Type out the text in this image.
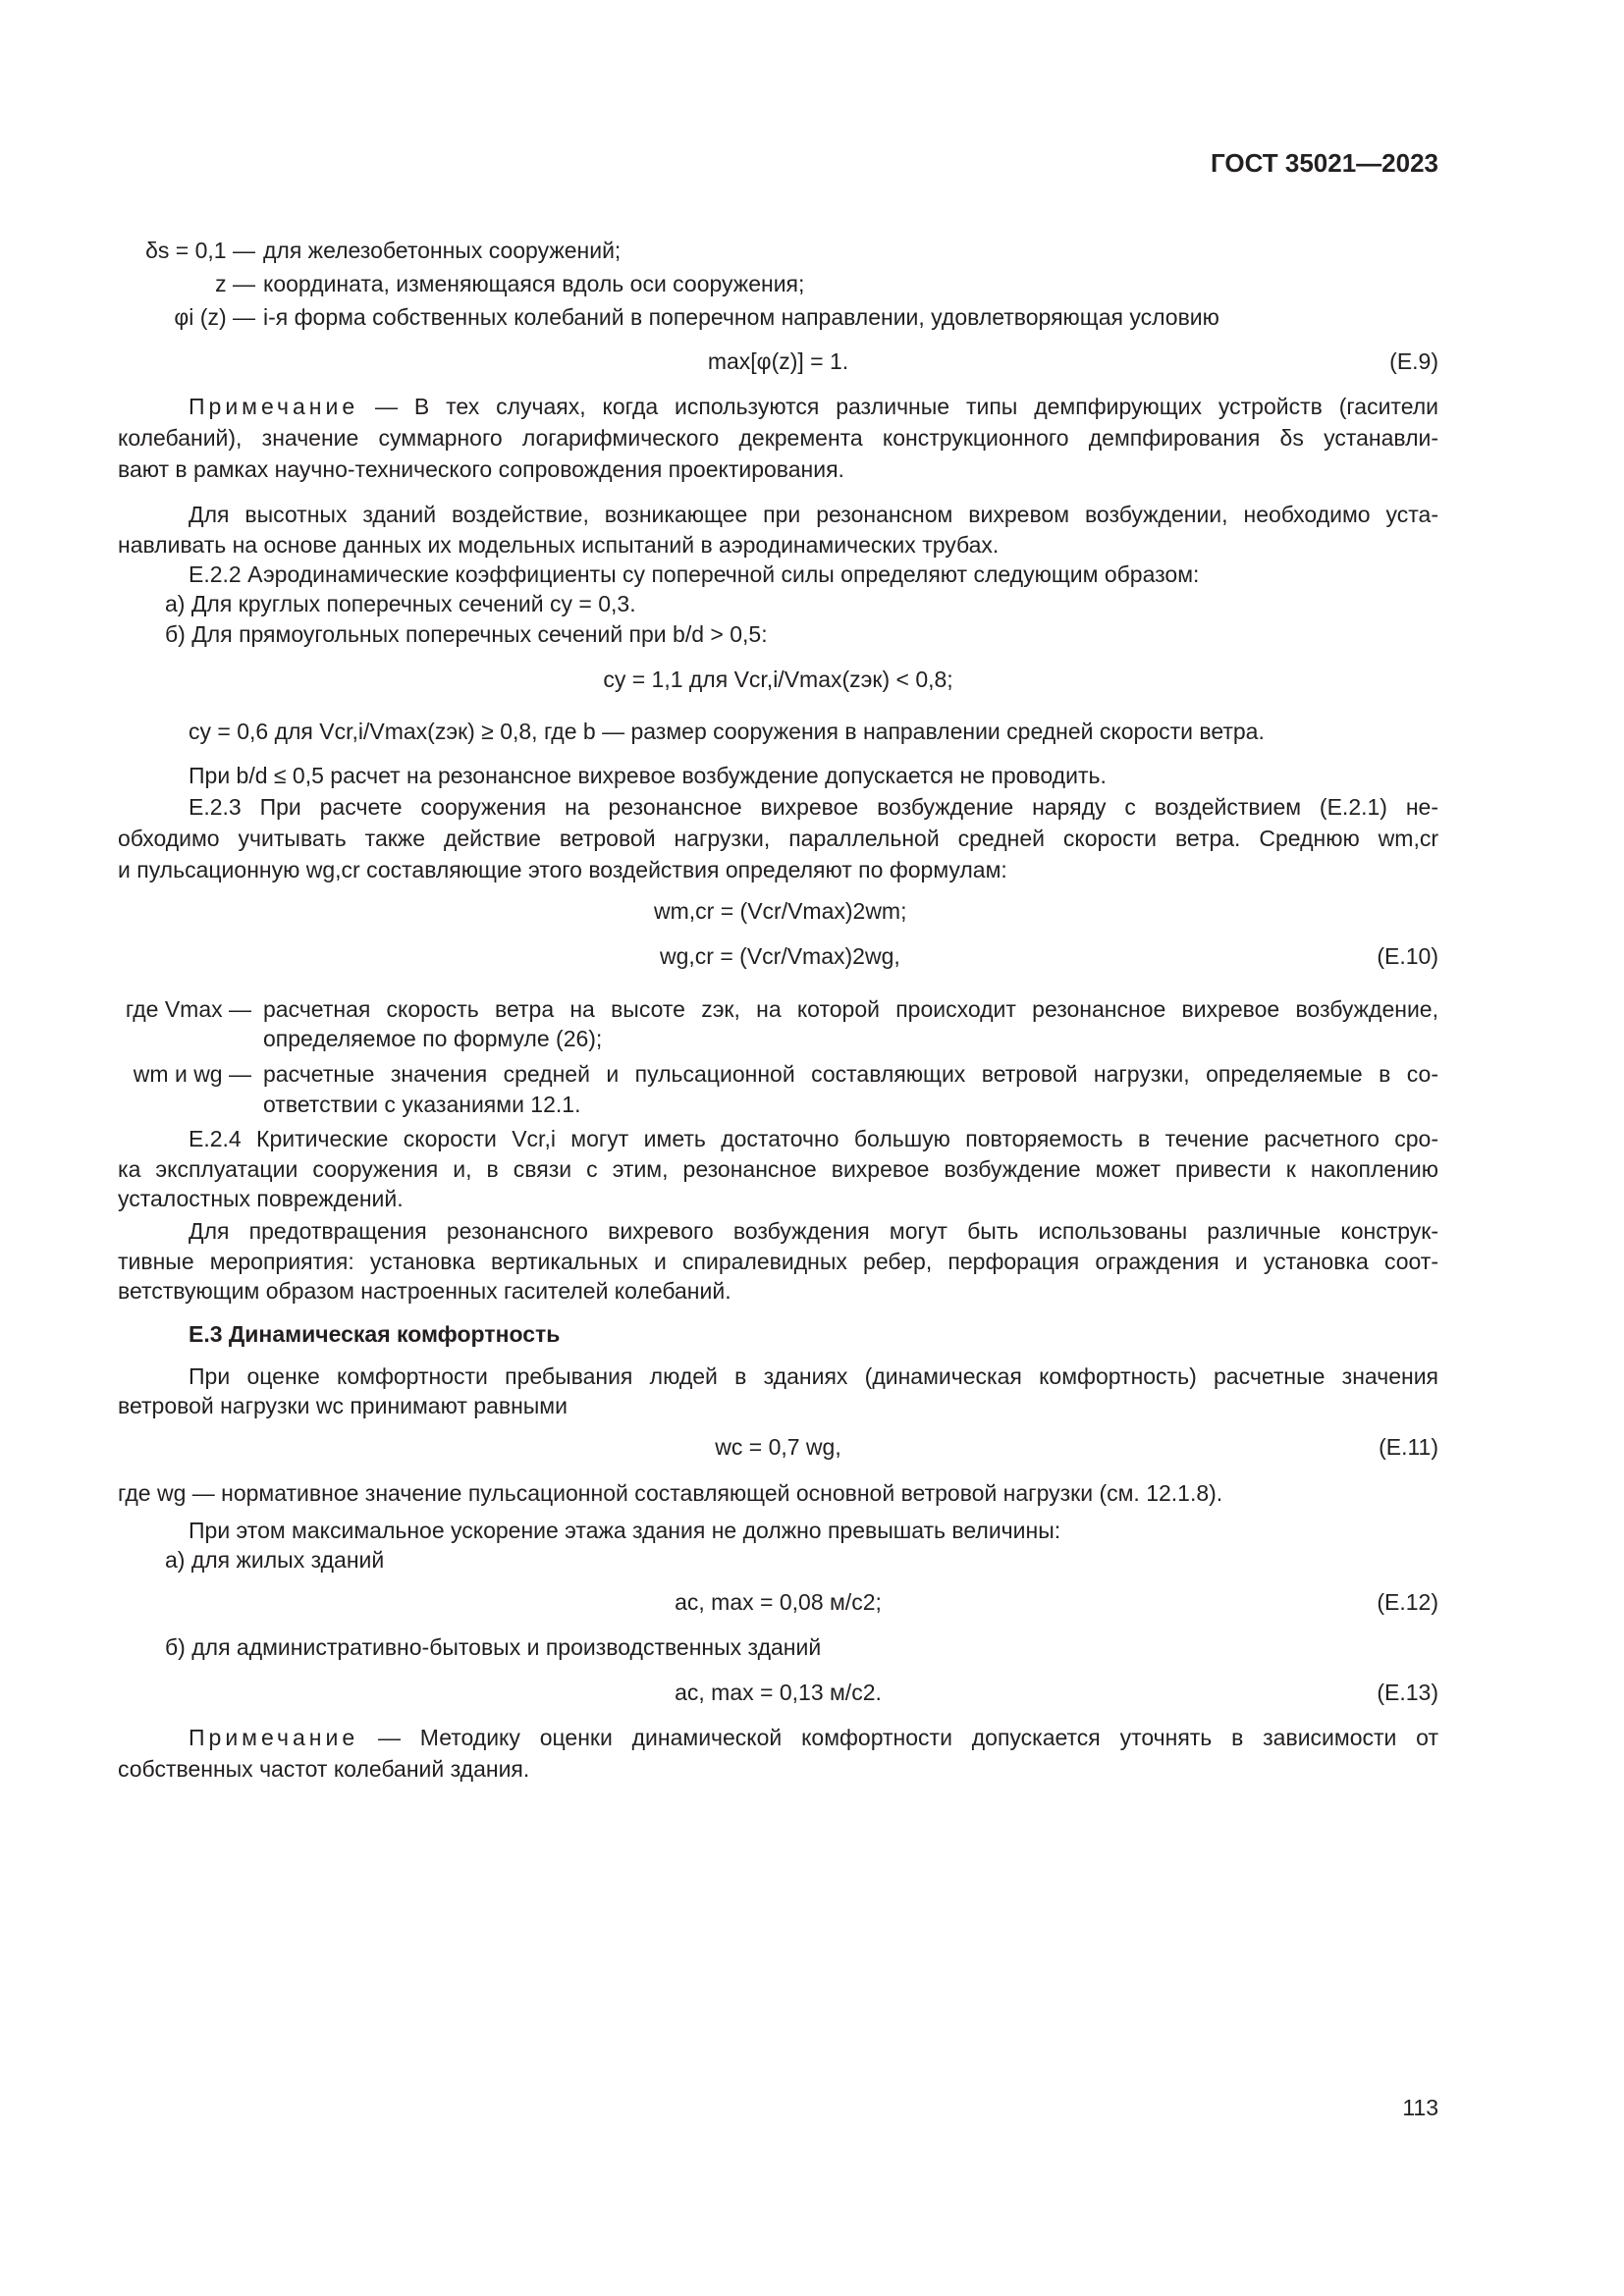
ГОСТ 35021—2023
δs = 0,1 — для железобетонных сооружений;
z — координата, изменяющаяся вдоль оси сооружения;
φi (z) — i-я форма собственных колебаний в поперечном направлении, удовлетворяющая условию
max[φ(z)] = 1.	(Е.9)
Примечание — В тех случаях, когда используются различные типы демпфирующих устройств (гасители
колебаний), значение суммарного логарифмического декремента конструкционного демпфирования δs устанавли-
вают в рамках научно-технического сопровождения проектирования.
Для высотных зданий воздействие, возникающее при резонансном вихревом возбуждении, необходимо уста-
навливать на основе данных их модельных испытаний в аэродинамических трубах.
Е.2.2 Аэродинамические коэффициенты cy поперечной силы определяют следующим образом:
а) Для круглых поперечных сечений cy = 0,3.
б) Для прямоугольных поперечных сечений при b/d > 0,5:
cy = 1,1 для Vcr,i/Vmax(zэк) < 0,8;
cy = 0,6 для Vcr,i/Vmax(zэк) ≥ 0,8, где b — размер сооружения в направлении средней скорости ветра.
При b/d ≤ 0,5 расчет на резонансное вихревое возбуждение допускается не проводить.
Е.2.3 При расчете сооружения на резонансное вихревое возбуждение наряду с воздействием (Е.2.1) не-
обходимо учитывать также действие ветровой нагрузки, параллельной средней скорости ветра. Среднюю wm,cr
и пульсационную wg,cr составляющие этого воздействия определяют по формулам:
wm,cr = (Vcr/Vmax)2wm;
wg,cr = (Vcr/Vmax)2wg,	(Е.10)
где Vmax — расчетная скорость ветра на высоте zэк, на которой происходит резонансное вихревое возбуждение,
определяемое по формуле (26);
wm и wg — расчетные значения средней и пульсационной составляющих ветровой нагрузки, определяемые в со-
ответствии с указаниями 12.1.
Е.2.4 Критические скорости Vcr,i могут иметь достаточно большую повторяемость в течение расчетного сро-
ка эксплуатации сооружения и, в связи с этим, резонансное вихревое возбуждение может привести к накоплению
усталостных повреждений.
Для предотвращения резонансного вихревого возбуждения могут быть использованы различные конструк-
тивные мероприятия: установка вертикальных и спиралевидных ребер, перфорация ограждения и установка соот-
ветствующим образом настроенных гасителей колебаний.
Е.3 Динамическая комфортность
При оценке комфортности пребывания людей в зданиях (динамическая комфортность) расчетные значения
ветровой нагрузки wc принимают равными
wc = 0,7 wg,	(Е.11)
где wg — нормативное значение пульсационной составляющей основной ветровой нагрузки (см. 12.1.8).
При этом максимальное ускорение этажа здания не должно превышать величины:
а) для жилых зданий
ac, max = 0,08 м/с2;	(Е.12)
б) для административно-бытовых и производственных зданий
ac, max = 0,13 м/с2.	(Е.13)
Примечание — Методику оценки динамической комфортности допускается уточнять в зависимости от
собственных частот колебаний здания.
113
